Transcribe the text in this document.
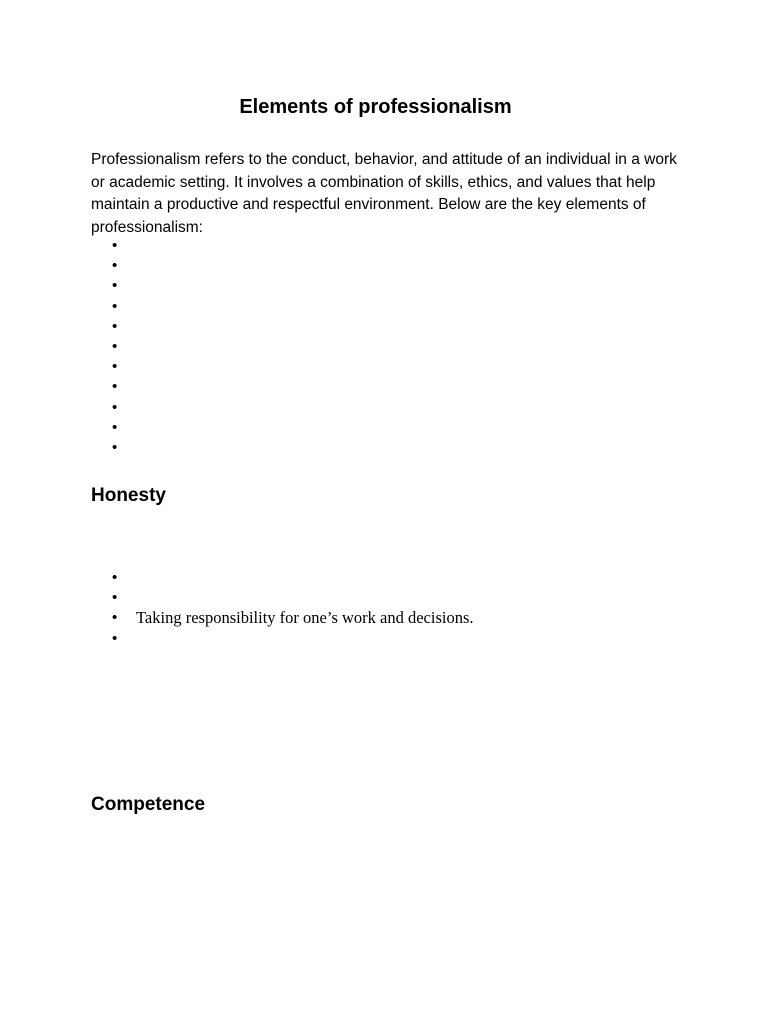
Elements of professionalism

Professionalism refers to the conduct, behavior, and attitude of an individual in a work or academic setting. It involves a combination of skills, ethics, and values that help maintain a productive and respectful environment. Below are the key elements of professionalism:

•
•
•
•
•
•
•
•
•
•
•
Honesty
•
•
• Taking responsibility for one’s work and decisions.
•
Competence
